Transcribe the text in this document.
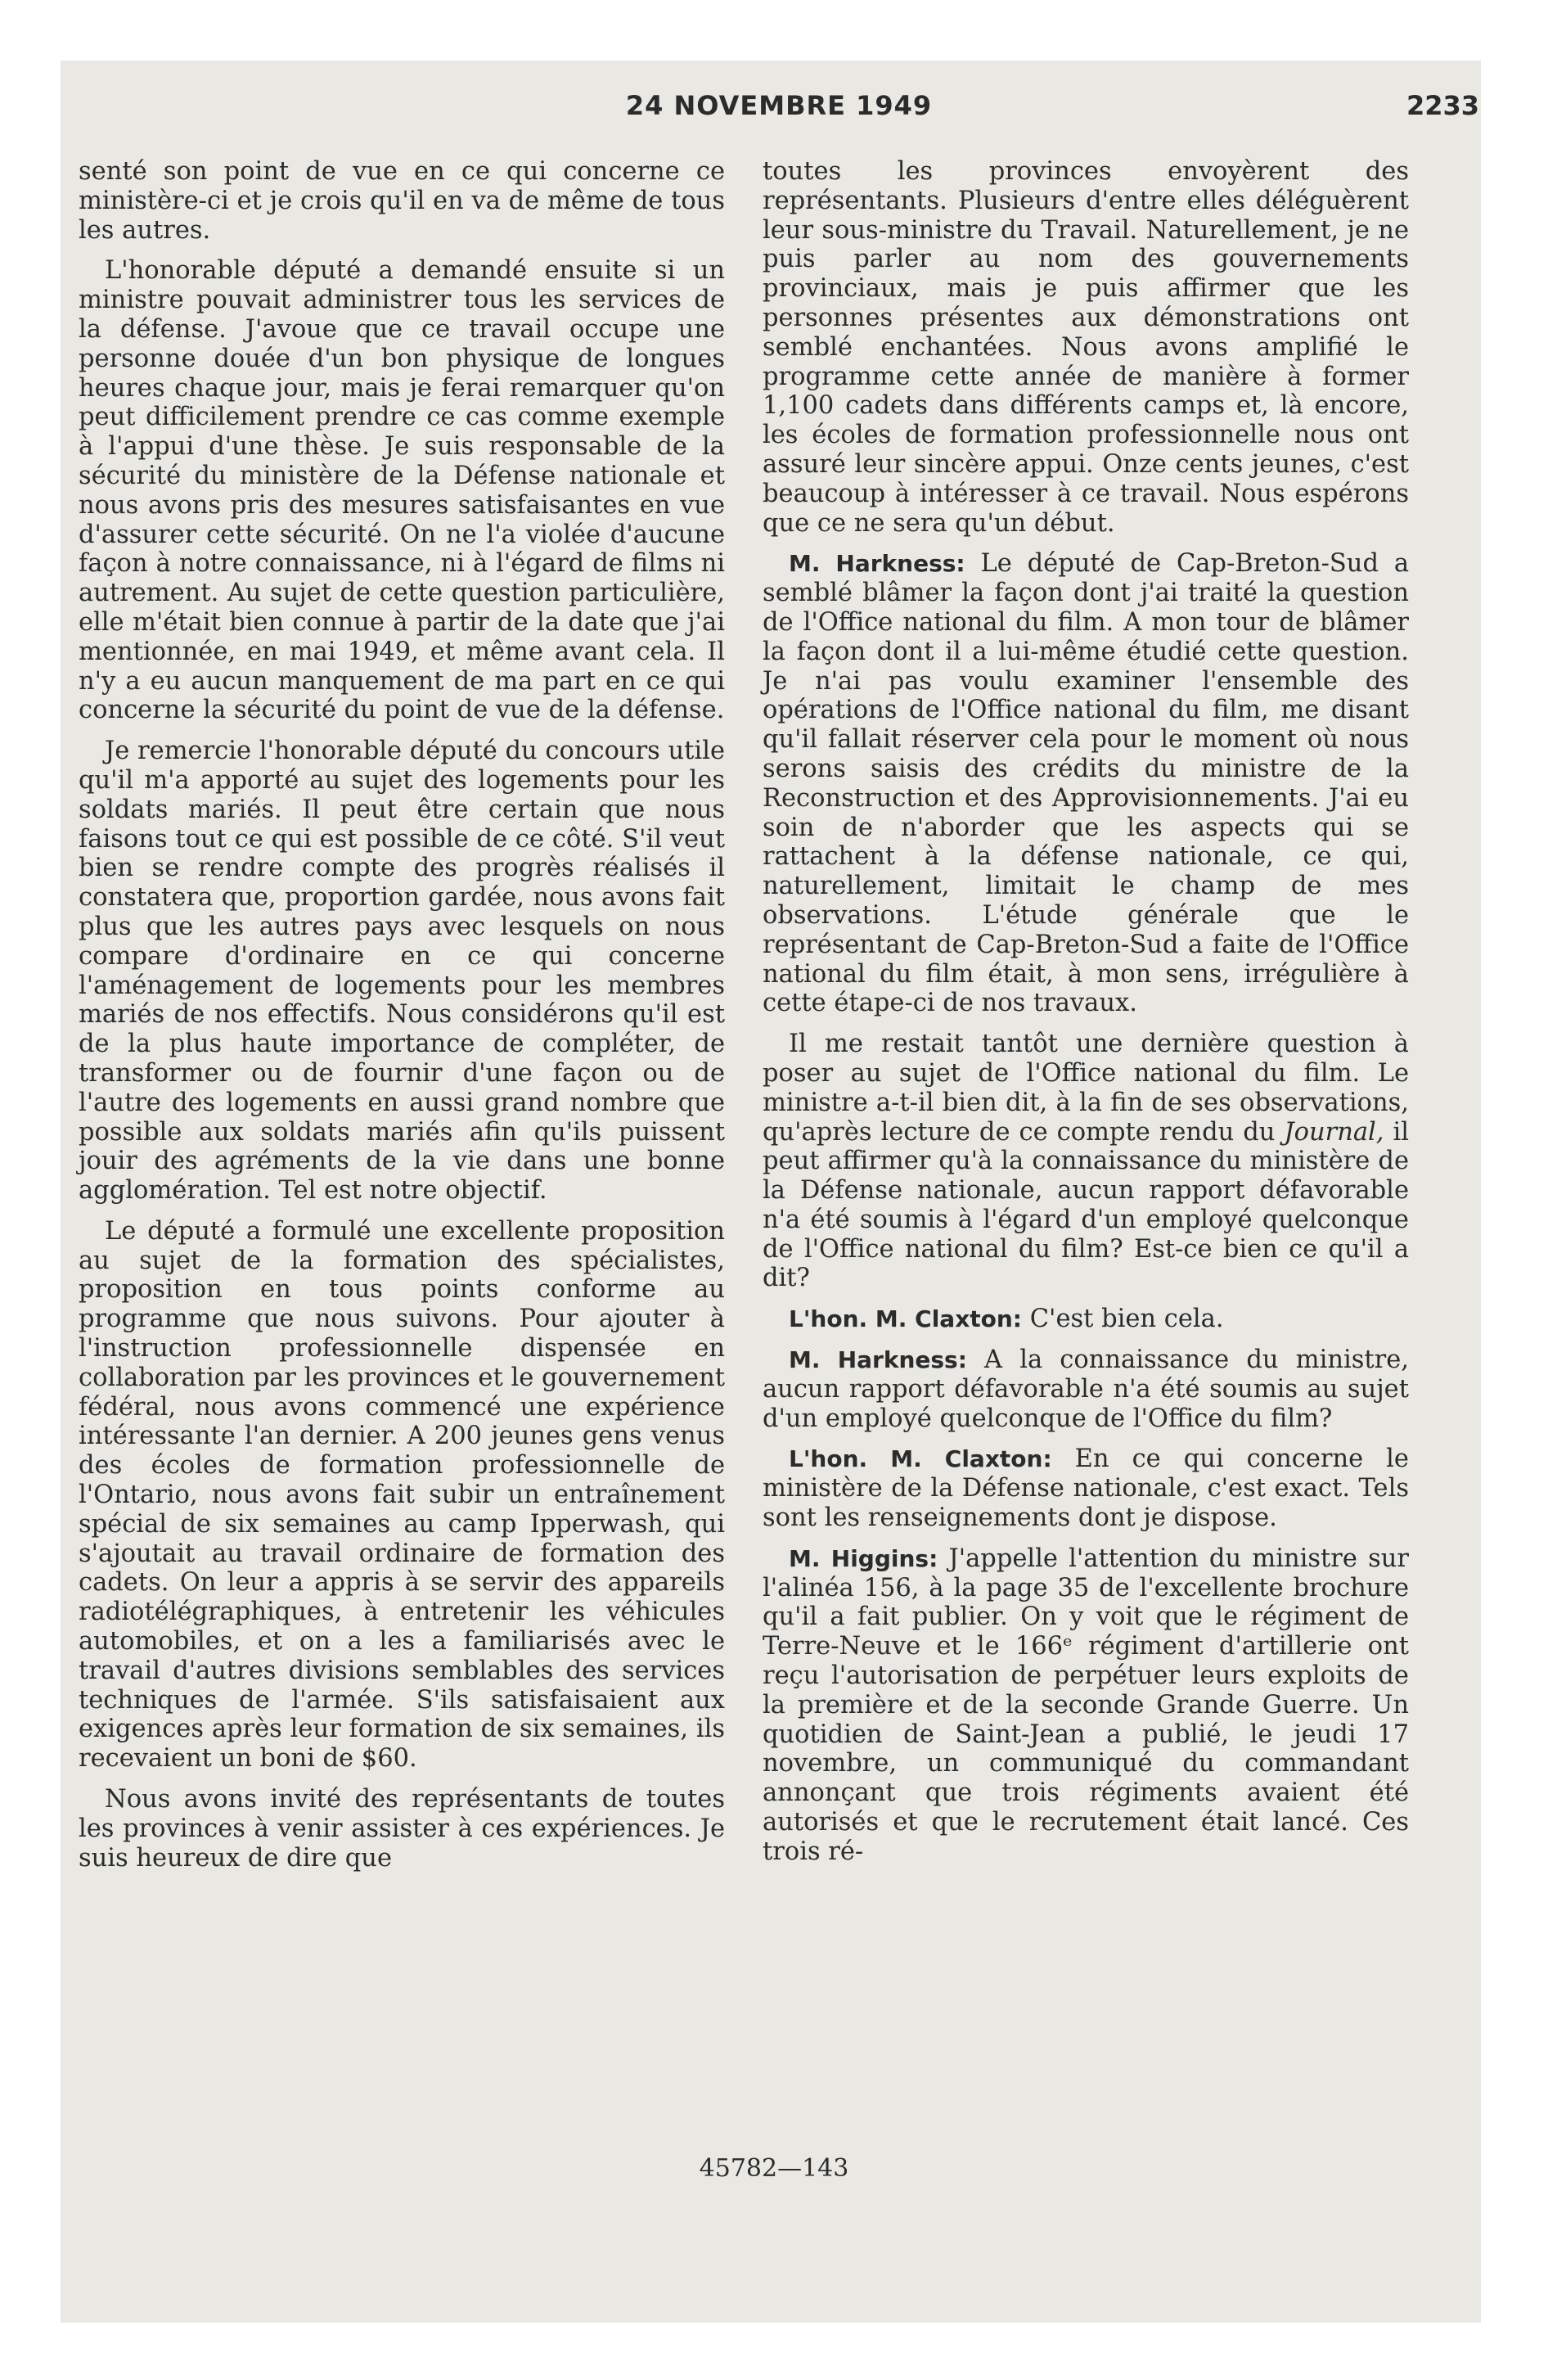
24 NOVEMBRE 1949	2233

senté son point de vue en ce qui concerne ce ministère-ci et je crois qu'il en va de même de tous les autres.

L'honorable député a demandé ensuite si un ministre pouvait administrer tous les services de la défense. J'avoue que ce travail occupe une personne douée d'un bon physique de longues heures chaque jour, mais je ferai remarquer qu'on peut difficilement prendre ce cas comme exemple à l'appui d'une thèse. Je suis responsable de la sécurité du ministère de la Défense nationale et nous avons pris des mesures satisfaisantes en vue d'assurer cette sécurité. On ne l'a violée d'aucune façon à notre connaissance, ni à l'égard de films ni autrement. Au sujet de cette question particulière, elle m'était bien connue à partir de la date que j'ai mentionnée, en mai 1949, et même avant cela. Il n'y a eu aucun manquement de ma part en ce qui concerne la sécurité du point de vue de la défense.

Je remercie l'honorable député du concours utile qu'il m'a apporté au sujet des logements pour les soldats mariés. Il peut être certain que nous faisons tout ce qui est possible de ce côté. S'il veut bien se rendre compte des progrès réalisés il constatera que, proportion gardée, nous avons fait plus que les autres pays avec lesquels on nous compare d'ordinaire en ce qui concerne l'aménagement de logements pour les membres mariés de nos effectifs. Nous considérons qu'il est de la plus haute importance de compléter, de transformer ou de fournir d'une façon ou de l'autre des logements en aussi grand nombre que possible aux soldats mariés afin qu'ils puissent jouir des agréments de la vie dans une bonne agglomération. Tel est notre objectif.

Le député a formulé une excellente proposition au sujet de la formation des spécialistes, proposition en tous points conforme au programme que nous suivons. Pour ajouter à l'instruction professionnelle dispensée en collaboration par les provinces et le gouvernement fédéral, nous avons commencé une expérience intéressante l'an dernier. A 200 jeunes gens venus des écoles de formation professionnelle de l'Ontario, nous avons fait subir un entraînement spécial de six semaines au camp Ipperwash, qui s'ajoutait au travail ordinaire de formation des cadets. On leur a appris à se servir des appareils radiotélégraphiques, à entretenir les véhicules automobiles, et on a les a familiarisés avec le travail d'autres divisions semblables des services techniques de l'armée. S'ils satisfaisaient aux exigences après leur formation de six semaines, ils recevaient un boni de $60.

Nous avons invité des représentants de toutes les provinces à venir assister à ces expériences. Je suis heureux de dire que

toutes les provinces envoyèrent des représentants. Plusieurs d'entre elles déléguèrent leur sous-ministre du Travail. Naturellement, je ne puis parler au nom des gouvernements provinciaux, mais je puis affirmer que les personnes présentes aux démonstrations ont semblé enchantées. Nous avons amplifié le programme cette année de manière à former 1,100 cadets dans différents camps et, là encore, les écoles de formation professionnelle nous ont assuré leur sincère appui. Onze cents jeunes, c'est beaucoup à intéresser à ce travail. Nous espérons que ce ne sera qu'un début.

M. Harkness: Le député de Cap-Breton-Sud a semblé blâmer la façon dont j'ai traité la question de l'Office national du film. A mon tour de blâmer la façon dont il a lui-même étudié cette question. Je n'ai pas voulu examiner l'ensemble des opérations de l'Office national du film, me disant qu'il fallait réserver cela pour le moment où nous serons saisis des crédits du ministre de la Reconstruction et des Approvisionnements. J'ai eu soin de n'aborder que les aspects qui se rattachent à la défense nationale, ce qui, naturellement, limitait le champ de mes observations. L'étude générale que le représentant de Cap-Breton-Sud a faite de l'Office national du film était, à mon sens, irrégulière à cette étape-ci de nos travaux.

Il me restait tantôt une dernière question à poser au sujet de l'Office national du film. Le ministre a-t-il bien dit, à la fin de ses observations, qu'après lecture de ce compte rendu du Journal, il peut affirmer qu'à la connaissance du ministère de la Défense nationale, aucun rapport défavorable n'a été soumis à l'égard d'un employé quelconque de l'Office national du film? Est-ce bien ce qu'il a dit?

L'hon. M. Claxton: C'est bien cela.

M. Harkness: A la connaissance du ministre, aucun rapport défavorable n'a été soumis au sujet d'un employé quelconque de l'Office du film?

L'hon. M. Claxton: En ce qui concerne le ministère de la Défense nationale, c'est exact. Tels sont les renseignements dont je dispose.

M. Higgins: J'appelle l'attention du ministre sur l'alinéa 156, à la page 35 de l'excellente brochure qu'il a fait publier. On y voit que le régiment de Terre-Neuve et le 166ᵉ régiment d'artillerie ont reçu l'autorisation de perpétuer leurs exploits de la première et de la seconde Grande Guerre. Un quotidien de Saint-Jean a publié, le jeudi 17 novembre, un communiqué du commandant annonçant que trois régiments avaient été autorisés et que le recrutement était lancé. Ces trois ré-

45782—143
